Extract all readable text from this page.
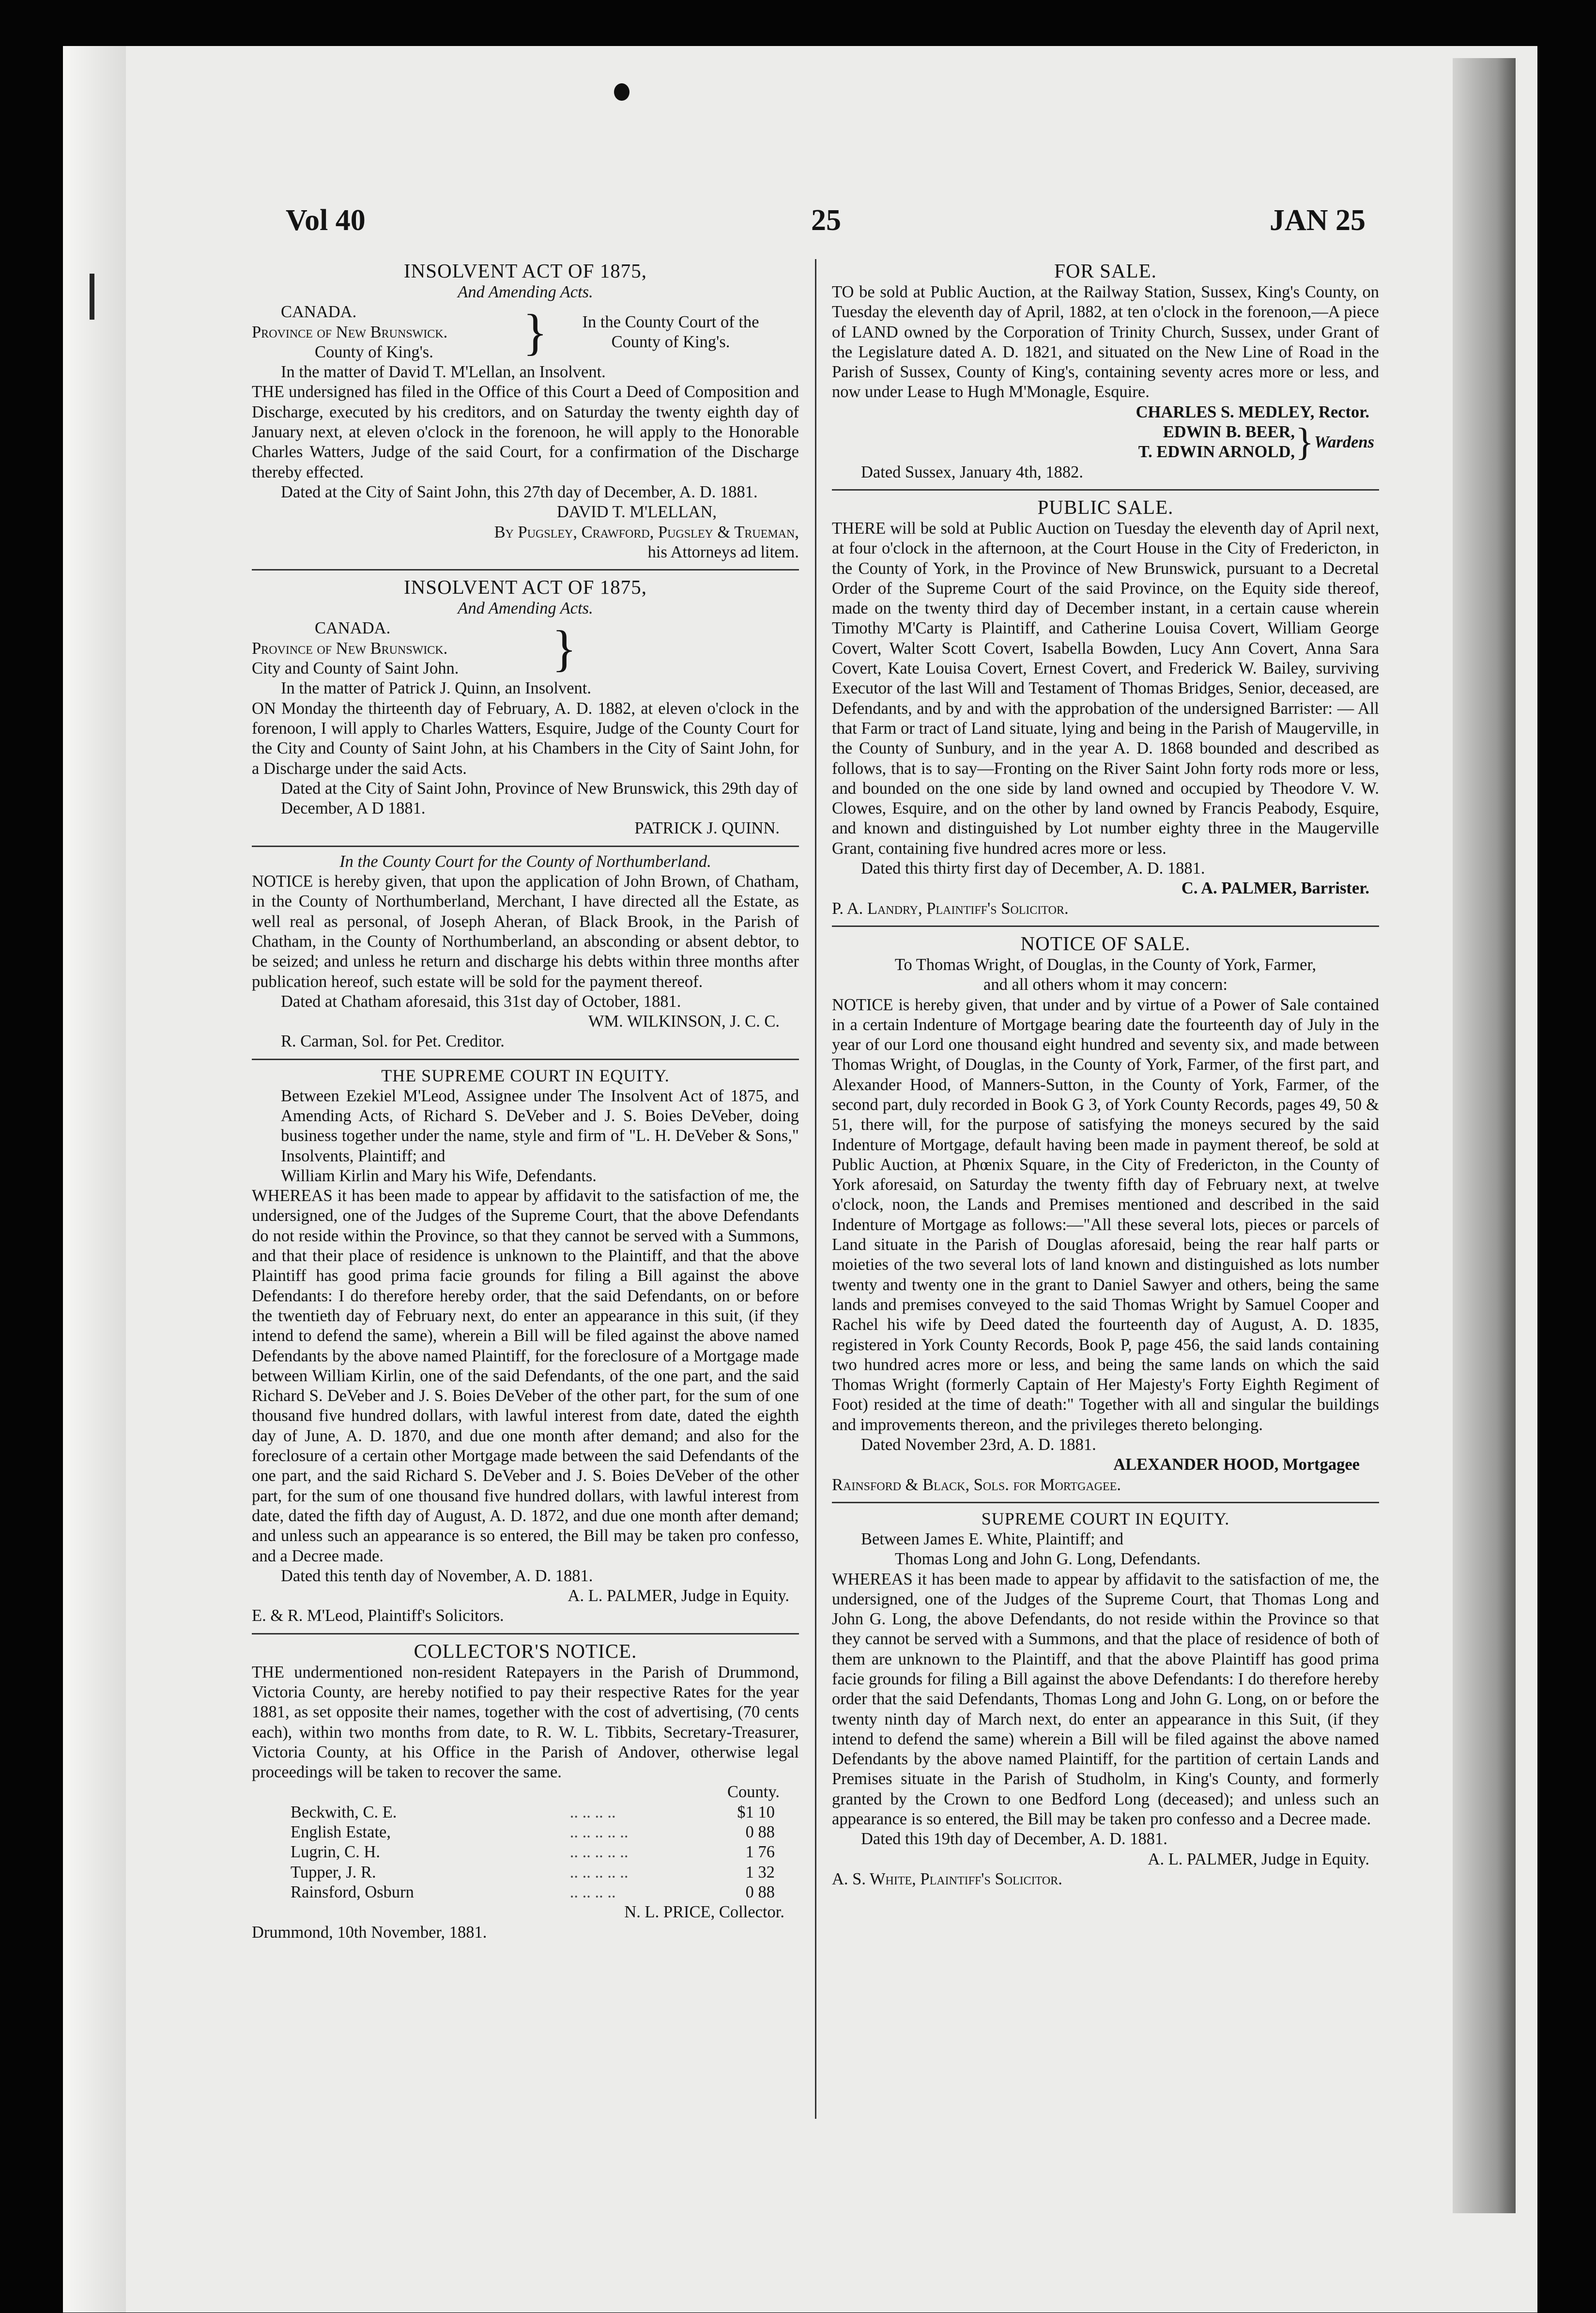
Vol 40	25	JAN 25
INSOLVENT ACT OF 1875,
And Amending Acts.
CANADA.
Province of New Brunswick.
County of King's.	}	In the County Court of the
County of King's.
In the matter of David T. M'Lellan, an Insolvent.
THE undersigned has filed in the Office of this Court a Deed of Composition and Discharge, executed by his creditors, and on Saturday the twenty eighth day of January next, at eleven o'clock in the forenoon, he will apply to the Honorable Charles Watters, Judge of the said Court, for a confirmation of the Discharge thereby effected.
Dated at the City of Saint John, this 27th day of December, A. D. 1881.
DAVID T. M'LELLAN,
By Pugsley, Crawford, Pugsley & Trueman,
his Attorneys ad litem.
INSOLVENT ACT OF 1875,
And Amending Acts.
CANADA.
Province of New Brunswick.
City and County of Saint John.	}
In the matter of Patrick J. Quinn, an Insolvent.
ON Monday the thirteenth day of February, A. D. 1882, at eleven o'clock in the forenoon, I will apply to Charles Watters, Esquire, Judge of the County Court for the City and County of Saint John, at his Chambers in the City of Saint John, for a Discharge under the said Acts.
Dated at the City of Saint John, Province of New Brunswick, this 29th day of December, A D 1881.
PATRICK J. QUINN.
In the County Court for the County of Northumberland.
NOTICE is hereby given, that upon the application of John Brown, of Chatham, in the County of Northumberland, Merchant, I have directed all the Estate, as well real as personal, of Joseph Aheran, of Black Brook, in the Parish of Chatham, in the County of Northumberland, an absconding or absent debtor, to be seized; and unless he return and discharge his debts within three months after publication hereof, such estate will be sold for the payment thereof.
Dated at Chatham aforesaid, this 31st day of October, 1881.
WM. WILKINSON, J. C. C.
R. Carman, Sol. for Pet. Creditor.
THE SUPREME COURT IN EQUITY.
Between Ezekiel M'Leod, Assignee under The Insolvent Act of 1875, and Amending Acts, of Richard S. DeVeber and J. S. Boies DeVeber, doing business together under the name, style and firm of "L. H. DeVeber & Sons," Insolvents, Plaintiff; and
William Kirlin and Mary his Wife, Defendants.
WHEREAS it has been made to appear by affidavit to the satisfaction of me, the undersigned, one of the Judges of the Supreme Court, that the above Defendants do not reside within the Province, so that they cannot be served with a Summons, and that their place of residence is unknown to the Plaintiff, and that the above Plaintiff has good prima facie grounds for filing a Bill against the above Defendants: I do therefore hereby order, that the said Defendants, on or before the twentieth day of February next, do enter an appearance in this suit, (if they intend to defend the same), wherein a Bill will be filed against the above named Defendants by the above named Plaintiff, for the foreclosure of a Mortgage made between William Kirlin, one of the said Defendants, of the one part, and the said Richard S. DeVeber and J. S. Boies DeVeber of the other part, for the sum of one thousand five hundred dollars, with lawful interest from date, dated the eighth day of June, A. D. 1870, and due one month after demand; and also for the foreclosure of a certain other Mortgage made between the said Defendants of the one part, and the said Richard S. DeVeber and J. S. Boies DeVeber of the other part, for the sum of one thousand five hundred dollars, with lawful interest from date, dated the fifth day of August, A. D. 1872, and due one month after demand; and unless such an appearance is so entered, the Bill may be taken pro confesso, and a Decree made.
Dated this tenth day of November, A. D. 1881.
A. L. PALMER, Judge in Equity.
E. & R. M'Leod, Plaintiff's Solicitors.
COLLECTOR'S NOTICE.
THE undermentioned non-resident Ratepayers in the Parish of Drummond, Victoria County, are hereby notified to pay their respective Rates for the year 1881, as set opposite their names, together with the cost of advertising, (70 cents each), within two months from date, to R. W. L. Tibbits, Secretary-Treasurer, Victoria County, at his Office in the Parish of Andover, otherwise legal proceedings will be taken to recover the same.
County.
Beckwith, C. E.	.. .. .. ..	$1 10
English Estate,	.. .. .. .. ..	0 88
Lugrin, C. H.	.. .. .. .. ..	1 76
Tupper, J. R.	.. .. .. .. ..	1 32
Rainsford, Osburn	.. .. .. ..	0 88
N. L. PRICE, Collector.
Drummond, 10th November, 1881.
FOR SALE.
TO be sold at Public Auction, at the Railway Station, Sussex, King's County, on Tuesday the eleventh day of April, 1882, at ten o'clock in the forenoon,—A piece of LAND owned by the Corporation of Trinity Church, Sussex, under Grant of the Legislature dated A. D. 1821, and situated on the New Line of Road in the Parish of Sussex, County of King's, containing seventy acres more or less, and now under Lease to Hugh M'Monagle, Esquire.
CHARLES S. MEDLEY, Rector.
EDWIN B. BEER,
T. EDWIN ARNOLD, } Wardens
Dated Sussex, January 4th, 1882.
PUBLIC SALE.
THERE will be sold at Public Auction on Tuesday the eleventh day of April next, at four o'clock in the afternoon, at the Court House in the City of Fredericton, in the County of York, in the Province of New Brunswick, pursuant to a Decretal Order of the Supreme Court of the said Province, on the Equity side thereof, made on the twenty third day of December instant, in a certain cause wherein Timothy M'Carty is Plaintiff, and Catherine Louisa Covert, William George Covert, Walter Scott Covert, Isabella Bowden, Lucy Ann Covert, Anna Sara Covert, Kate Louisa Covert, Ernest Covert, and Frederick W. Bailey, surviving Executor of the last Will and Testament of Thomas Bridges, Senior, deceased, are Defendants, and by and with the approbation of the undersigned Barrister: — All that Farm or tract of Land situate, lying and being in the Parish of Maugerville, in the County of Sunbury, and in the year A. D. 1868 bounded and described as follows, that is to say—Fronting on the River Saint John forty rods more or less, and bounded on the one side by land owned and occupied by Theodore V. W. Clowes, Esquire, and on the other by land owned by Francis Peabody, Esquire, and known and distinguished by Lot number eighty three in the Maugerville Grant, containing five hundred acres more or less.
Dated this thirty first day of December, A. D. 1881.
C. A. PALMER, Barrister.
P. A. Landry, Plaintiff's Solicitor.
NOTICE OF SALE.
To Thomas Wright, of Douglas, in the County of York, Farmer,
and all others whom it may concern:
NOTICE is hereby given, that under and by virtue of a Power of Sale contained in a certain Indenture of Mortgage bearing date the fourteenth day of July in the year of our Lord one thousand eight hundred and seventy six, and made between Thomas Wright, of Douglas, in the County of York, Farmer, of the first part, and Alexander Hood, of Manners-Sutton, in the County of York, Farmer, of the second part, duly recorded in Book G 3, of York County Records, pages 49, 50 & 51, there will, for the purpose of satisfying the moneys secured by the said Indenture of Mortgage, default having been made in payment thereof, be sold at Public Auction, at Phœnix Square, in the City of Fredericton, in the County of York aforesaid, on Saturday the twenty fifth day of February next, at twelve o'clock, noon, the Lands and Premises mentioned and described in the said Indenture of Mortgage as follows:—"All these several lots, pieces or parcels of Land situate in the Parish of Douglas aforesaid, being the rear half parts or moieties of the two several lots of land known and distinguished as lots number twenty and twenty one in the grant to Daniel Sawyer and others, being the same lands and premises conveyed to the said Thomas Wright by Samuel Cooper and Rachel his wife by Deed dated the fourteenth day of August, A. D. 1835, registered in York County Records, Book P, page 456, the said lands containing two hundred acres more or less, and being the same lands on which the said Thomas Wright (formerly Captain of Her Majesty's Forty Eighth Regiment of Foot) resided at the time of death:" Together with all and singular the buildings and improvements thereon, and the privileges thereto belonging.
Dated November 23rd, A. D. 1881.
ALEXANDER HOOD, Mortgagee
Rainsford & Black, Sols. for Mortgagee.
SUPREME COURT IN EQUITY.
Between James E. White, Plaintiff; and
Thomas Long and John G. Long, Defendants.
WHEREAS it has been made to appear by affidavit to the satisfaction of me, the undersigned, one of the Judges of the Supreme Court, that Thomas Long and John G. Long, the above Defendants, do not reside within the Province so that they cannot be served with a Summons, and that the place of residence of both of them are unknown to the Plaintiff, and that the above Plaintiff has good prima facie grounds for filing a Bill against the above Defendants: I do therefore hereby order that the said Defendants, Thomas Long and John G. Long, on or before the twenty ninth day of March next, do enter an appearance in this Suit, (if they intend to defend the same) wherein a Bill will be filed against the above named Defendants by the above named Plaintiff, for the partition of certain Lands and Premises situate in the Parish of Studholm, in King's County, and formerly granted by the Crown to one Bedford Long (deceased); and unless such an appearance is so entered, the Bill may be taken pro confesso and a Decree made.
Dated this 19th day of December, A. D. 1881.
A. L. PALMER, Judge in Equity.
A. S. White, Plaintiff's Solicitor.
